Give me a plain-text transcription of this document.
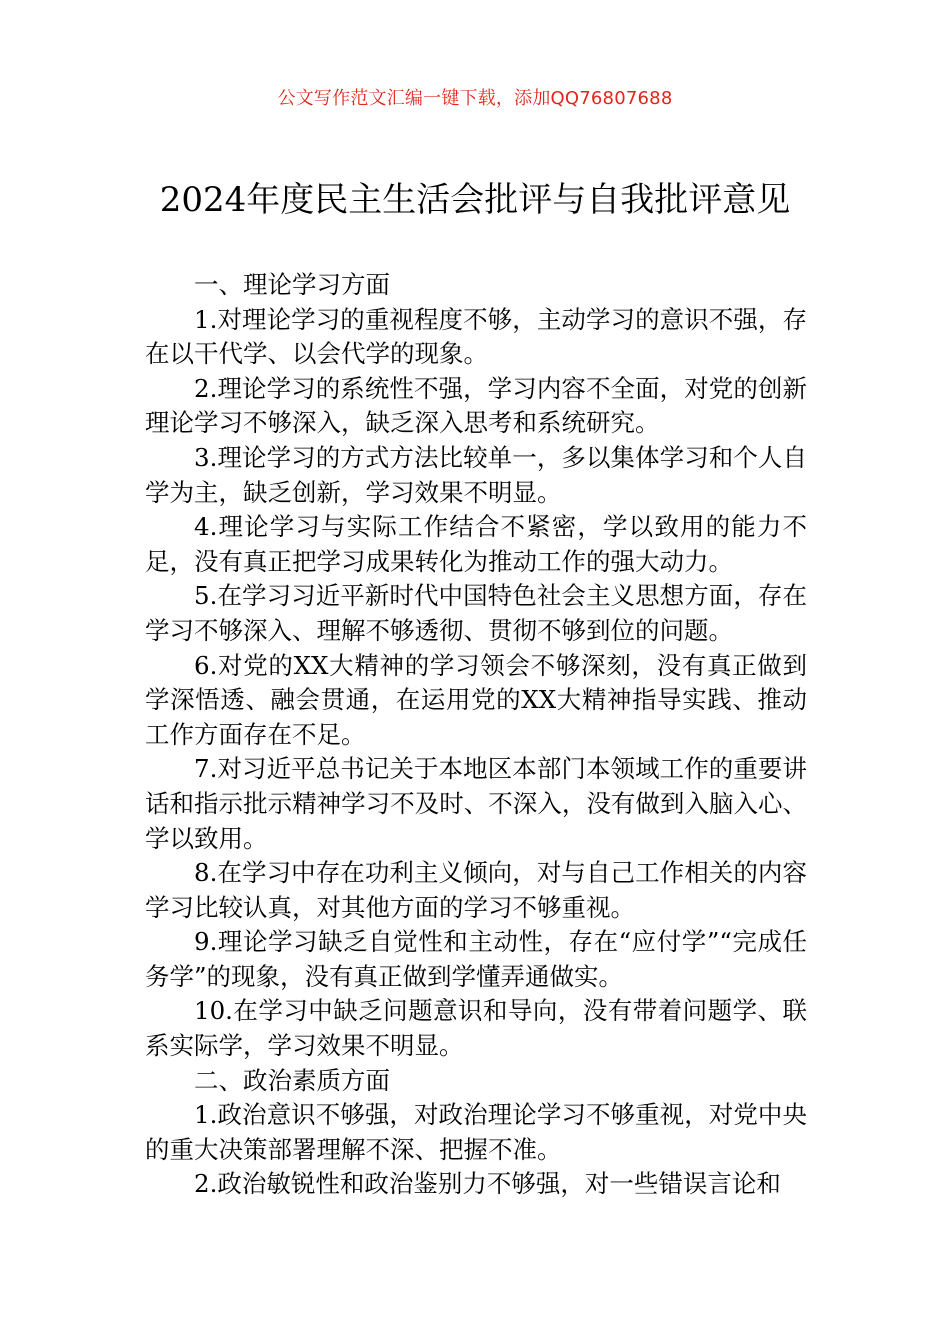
公文写作范文汇编一键下载，添加QQ76807688
2024年度民主生活会批评与自我批评意见

一、理论学习方面

1.对理论学习的重视程度不够，主动学习的意识不强，存在以干代学、以会代学的现象。

2.理论学习的系统性不强，学习内容不全面，对党的创新理论学习不够深入，缺乏深入思考和系统研究。

3.理论学习的方式方法比较单一，多以集体学习和个人自学为主，缺乏创新，学习效果不明显。

4.理论学习与实际工作结合不紧密，学以致用的能力不足，没有真正把学习成果转化为推动工作的强大动力。

5.在学习习近平新时代中国特色社会主义思想方面，存在学习不够深入、理解不够透彻、贯彻不够到位的问题。

6.对党的XX大精神的学习领会不够深刻，没有真正做到学深悟透、融会贯通，在运用党的XX大精神指导实践、推动工作方面存在不足。

7.对习近平总书记关于本地区本部门本领域工作的重要讲话和指示批示精神学习不及时、不深入，没有做到入脑入心、学以致用。

8.在学习中存在功利主义倾向，对与自己工作相关的内容学习比较认真，对其他方面的学习不够重视。

9.理论学习缺乏自觉性和主动性，存在“应付学”“完成任务学”的现象，没有真正做到学懂弄通做实。

10.在学习中缺乏问题意识和导向，没有带着问题学、联系实际学，学习效果不明显。

二、政治素质方面

1.政治意识不够强，对政治理论学习不够重视，对党中央的重大决策部署理解不深、把握不准。

2.政治敏锐性和政治鉴别力不够强，对一些错误言论和
